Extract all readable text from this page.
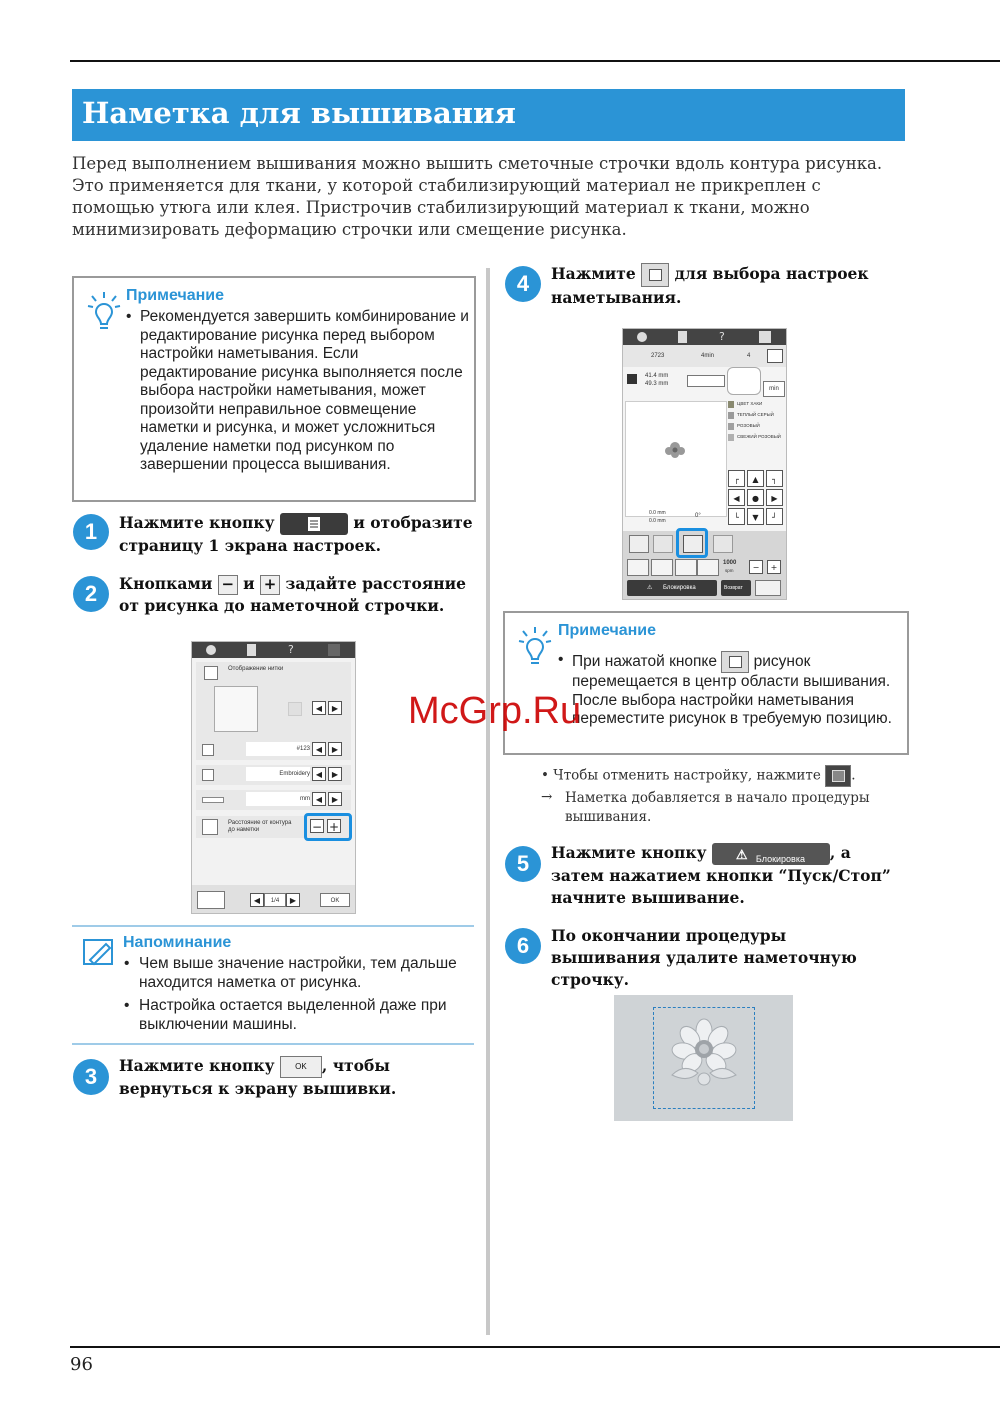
Наметка для вышивания
Перед выполнением вышивания можно вышить сметочные строчки вдоль контура рисунка. Это применяется для ткани, у которой стабилизирующий материал не прикреплен с помощью утюга или клея. Пристрочив стабилизирующий материал к ткани, можно минимизировать деформацию строчки или смещение рисунка.
Примечание
• Рекомендуется завершить комбинирование и редактирование рисунка перед выбором настройки наметывания. Если редактирование рисунка выполняется после выбора настройки наметывания, может произойти неправильное совмещение наметки и рисунка, и может усложниться удаление наметки под рисунком по завершении процесса вышивания.
1	Нажмите кнопку	и отобразите страницу 1 экрана настроек.
2	Кнопками − и + задайте расстояние от рисунка до наметочной строчки.
?
Отображение нитки
◀	▶
#123 ◀	▶
Embroidery ◀	▶
mm ◀	▶
Расстояние от контура до наметки	− +
◀	1/4	▶	OK
Напоминание
• Чем выше значение настройки, тем дальше находится наметка от рисунка.
• Настройка остается выделенной даже при выключении машины.
3	Нажмите кнопку	OK , чтобы вернуться к экрану вышивки.
4	Нажмите	для выбора настроек наметывания.
?
2723	4min	4
41.4 mm
49.3 mm
min
ЦВЕТ ХАКИ
ТЕПЛЫЙ СЕРЫЙ
РОЗОВЫЙ
СВЕЖИЙ РОЗОВЫЙ
┌	▲	┐
◀	●	▶
└	▼	┘
0.0 mm
0.0 mm
0°
1000
spm	−	+
⚠ Блокировка	Возврат
Примечание
• При нажатой кнопке рисунок перемещается в центр области вышивания. После выбора настройки наметывания переместите рисунок в требуемую позицию.
• Чтобы отменить настройку, нажмите .
→ Наметка добавляется в начало процедуры вышивания.
5	Нажмите кнопку ⚠ Блокировка , а затем нажатием кнопки “Пуск/Стоп” начните вышивание.
6	По окончании процедуры вышивания удалите наметочную строчку.
McGrp.Ru
96
